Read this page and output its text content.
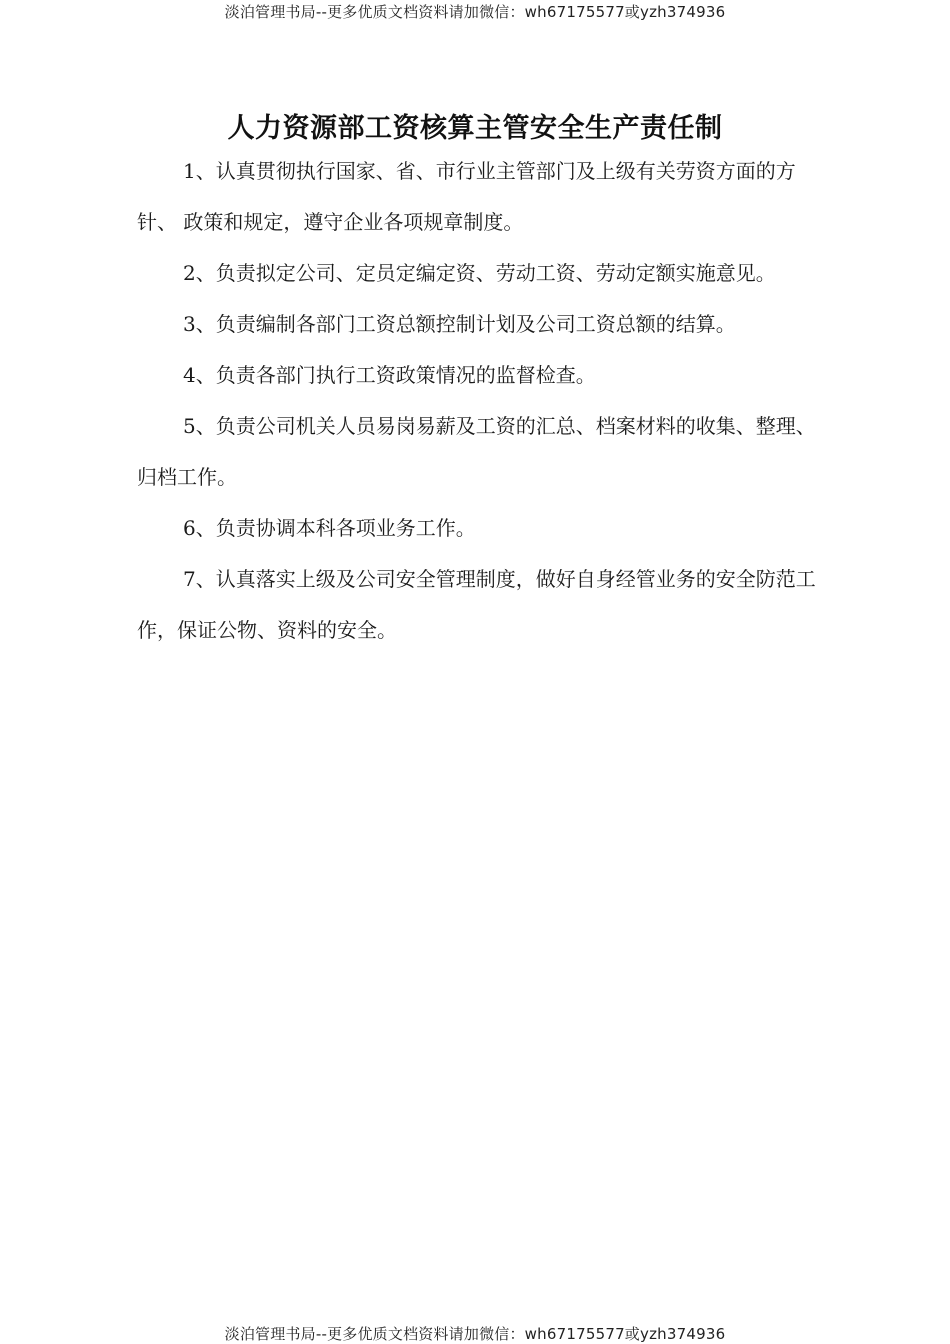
淡泊管理书局--更多优质文档资料请加微信：wh67175577或yzh374936
人力资源部工资核算主管安全生产责任制

1、认真贯彻执行国家、省、市行业主管部门及上级有关劳资方面的方针、 政策和规定，遵守企业各项规章制度。

2、负责拟定公司、定员定编定资、劳动工资、劳动定额实施意见。

3、负责编制各部门工资总额控制计划及公司工资总额的结算。

4、负责各部门执行工资政策情况的监督检查。

5、负责公司机关人员易岗易薪及工资的汇总、档案材料的收集、整理、 归档工作。

6、负责协调本科各项业务工作。

7、认真落实上级及公司安全管理制度，做好自身经管业务的安全防范工作，保证公物、资料的安全。

淡泊管理书局--更多优质文档资料请加微信：wh67175577或yzh374936
